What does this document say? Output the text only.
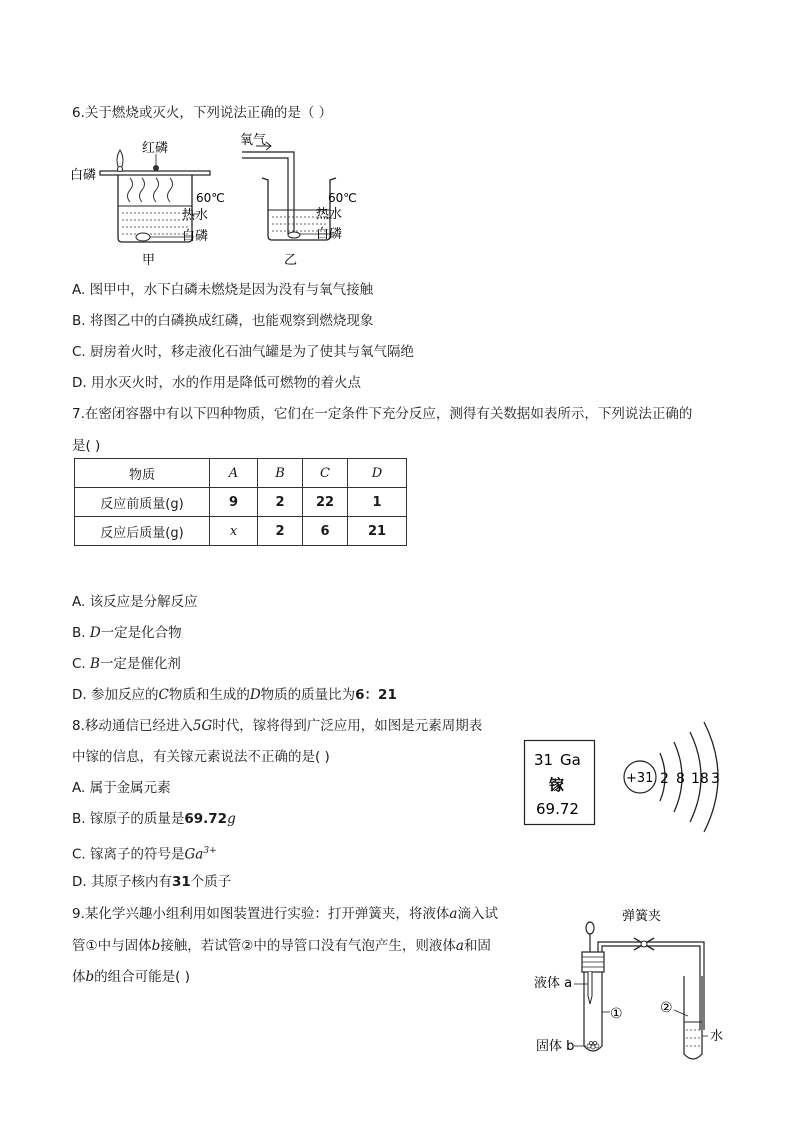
6.关于燃烧或灭火，下列说法正确的是（ ）
红磷
白磷
60℃
热水
白磷
甲
氧气
60℃
热水
白磷
乙
A. 图甲中，水下白磷未燃烧是因为没有与氧气接触
B. 将图乙中的白磷换成红磷，也能观察到燃烧现象
C. 厨房着火时，移走液化石油气罐是为了使其与氧气隔绝
D. 用水灭火时，水的作用是降低可燃物的着火点
7.在密闭容器中有以下四种物质，它们在一定条件下充分反应，测得有关数据如表所示，下列说法正确的
是( )
物质	A	B	C	D
反应前质量(g)	9	2	22	1
反应后质量(g)	x	2	6	21
A. 该反应是分解反应
B. D一定是化合物
C. B一定是催化剂
D. 参加反应的C物质和生成的D物质的质量比为6：21
8.移动通信已经进入5G时代，镓将得到广泛应用，如图是元素周期表
中镓的信息，有关镓元素说法不正确的是( )	31 Ga
镓
69.72
+31 2 8 18 3
A. 属于金属元素
B. 镓原子的质量是69.72g
C. 镓离子的符号是$Ga^{3+}$
D. 其原子核内有31个质子
9.某化学兴趣小组利用如图装置进行实验：打开弹簧夹，将液体a滴入试
管①中与固体b接触，若试管②中的导管口没有气泡产生，则液体a和固
体b的组合可能是( )
弹簧夹
液体 a
固体 b
①	②
水
